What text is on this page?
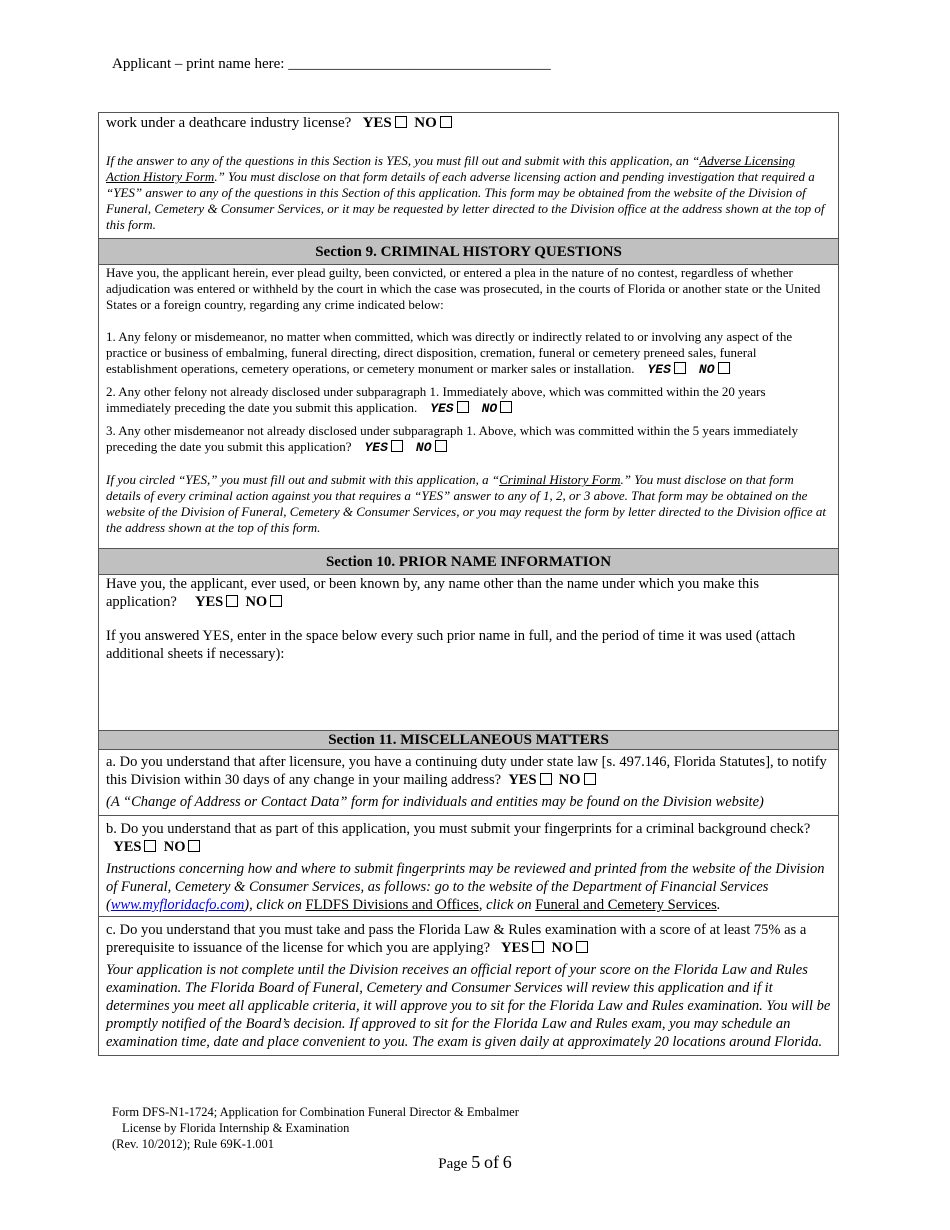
Applicant – print name here: ___________________________________
work under a deathcare industry license? YES NO
If the answer to any of the questions in this Section is YES, you must fill out and submit with this application, an “Adverse Licensing Action History Form.” You must disclose on that form details of each adverse licensing action and pending investigation that required a “YES” answer to any of the questions in this Section of this application. This form may be obtained from the website of the Division of Funeral, Cemetery & Consumer Services, or it may be requested by letter directed to the Division office at the address shown at the top of this form.
Section 9. CRIMINAL HISTORY QUESTIONS
Have you, the applicant herein, ever plead guilty, been convicted, or entered a plea in the nature of no contest, regardless of whether adjudication was entered or withheld by the court in which the case was prosecuted, in the courts of Florida or another state or the United States or a foreign country, regarding any crime indicated below:
1. Any felony or misdemeanor, no matter when committed, which was directly or indirectly related to or involving any aspect of the practice or business of embalming, funeral directing, direct disposition, cremation, funeral or cemetery preneed sales, funeral establishment operations, cemetery operations, or cemetery monument or marker sales or installation. YES NO
2. Any other felony not already disclosed under subparagraph 1. Immediately above, which was committed within the 20 years immediately preceding the date you submit this application. YES NO
3. Any other misdemeanor not already disclosed under subparagraph 1. Above, which was committed within the 5 years immediately preceding the date you submit this application? YES NO
If you circled “YES,” you must fill out and submit with this application, a “Criminal History Form.” You must disclose on that form details of every criminal action against you that requires a “YES” answer to any of 1, 2, or 3 above. That form may be obtained on the website of the Division of Funeral, Cemetery & Consumer Services, or you may request the form by letter directed to the Division office at the address shown at the top of this form.
Section 10. PRIOR NAME INFORMATION
Have you, the applicant, ever used, or been known by, any name other than the name under which you make this application? YES NO
If you answered YES, enter in the space below every such prior name in full, and the period of time it was used (attach additional sheets if necessary):
Section 11. MISCELLANEOUS MATTERS
a. Do you understand that after licensure, you have a continuing duty under state law [s. 497.146, Florida Statutes], to notify this Division within 30 days of any change in your mailing address? YES NO
(A “Change of Address or Contact Data” form for individuals and entities may be found on the Division website)
b. Do you understand that as part of this application, you must submit your fingerprints for a criminal background check?   YES NO
Instructions concerning how and where to submit fingerprints may be reviewed and printed from the website of the Division of Funeral, Cemetery & Consumer Services, as follows: go to the website of the Department of Financial Services (www.myfloridacfo.com), click on FLDFS Divisions and Offices, click on Funeral and Cemetery Services.
c. Do you understand that you must take and pass the Florida Law & Rules examination with a score of at least 75% as a prerequisite to issuance of the license for which you are applying? YES NO
Your application is not complete until the Division receives an official report of your score on the Florida Law and Rules examination. The Florida Board of Funeral, Cemetery and Consumer Services will review this application and if it determines you meet all applicable criteria, it will approve you to sit for the Florida Law and Rules examination. You will be promptly notified of the Board’s decision. If approved to sit for the Florida Law and Rules exam, you may schedule an examination time, date and place convenient to you. The exam is given daily at approximately 20 locations around Florida.
Form DFS-N1-1724; Application for Combination Funeral Director & Embalmer
License by Florida Internship & Examination
(Rev. 10/2012); Rule 69K-1.001
Page 5 of 6
